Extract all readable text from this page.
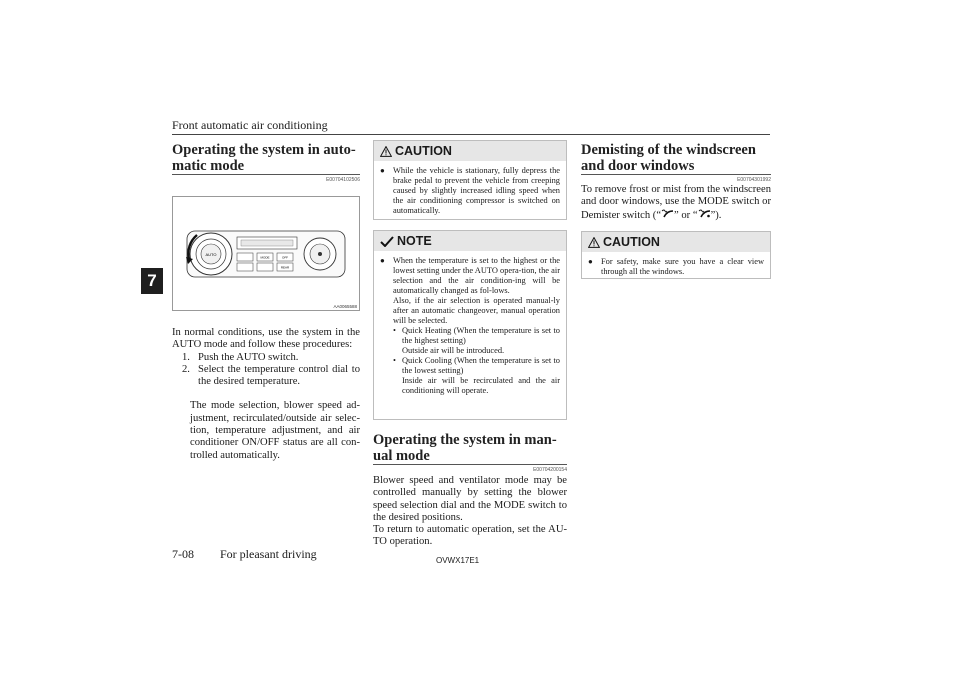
Front automatic air conditioning
7
Operating the system in auto-
matic mode
E00704102506
AUTO
MODE	OFF
REAR
AA0065588
In normal conditions, use the system in the AUTO mode and follow these procedures:
1. Push the AUTO switch.
2. Select the temperature control dial to the desired temperature.
The mode selection, blower speed ad-justment, recirculated/outside air selec-tion, temperature adjustment, and air conditioner ON/OFF status are all con-trolled automatically.
CAUTION
● While the vehicle is stationary, fully depress the brake pedal to prevent the vehicle from creeping caused by slightly increased idling speed when the air conditioning compressor is switched on automatically.
NOTE
● When the temperature is set to the highest or the lowest setting under the AUTO opera-tion, the air selection and the air condition-ing will be automatically changed as fol-lows.
Also, if the air selection is operated manual-ly after an automatic changeover, manual operation will be selected.
• Quick Heating (When the temperature is set to the highest setting)
Outside air will be introduced.
• Quick Cooling (When the temperature is set to the lowest setting)
Inside air will be recirculated and the air conditioning will operate.
Operating the system in man-
ual mode
E00704200154
Blower speed and ventilator mode may be controlled manually by setting the blower speed selection dial and the MODE switch to the desired positions.
To return to automatic operation, set the AU-TO operation.
Demisting of the windscreen
and door windows
E00704301992
To remove frost or mist from the windscreen and door windows, use the MODE switch or Demister switch (“ ” or “ ”).
CAUTION
● For safety, make sure you have a clear view through all the windows.
7-08 For pleasant driving	OVWX17E1
